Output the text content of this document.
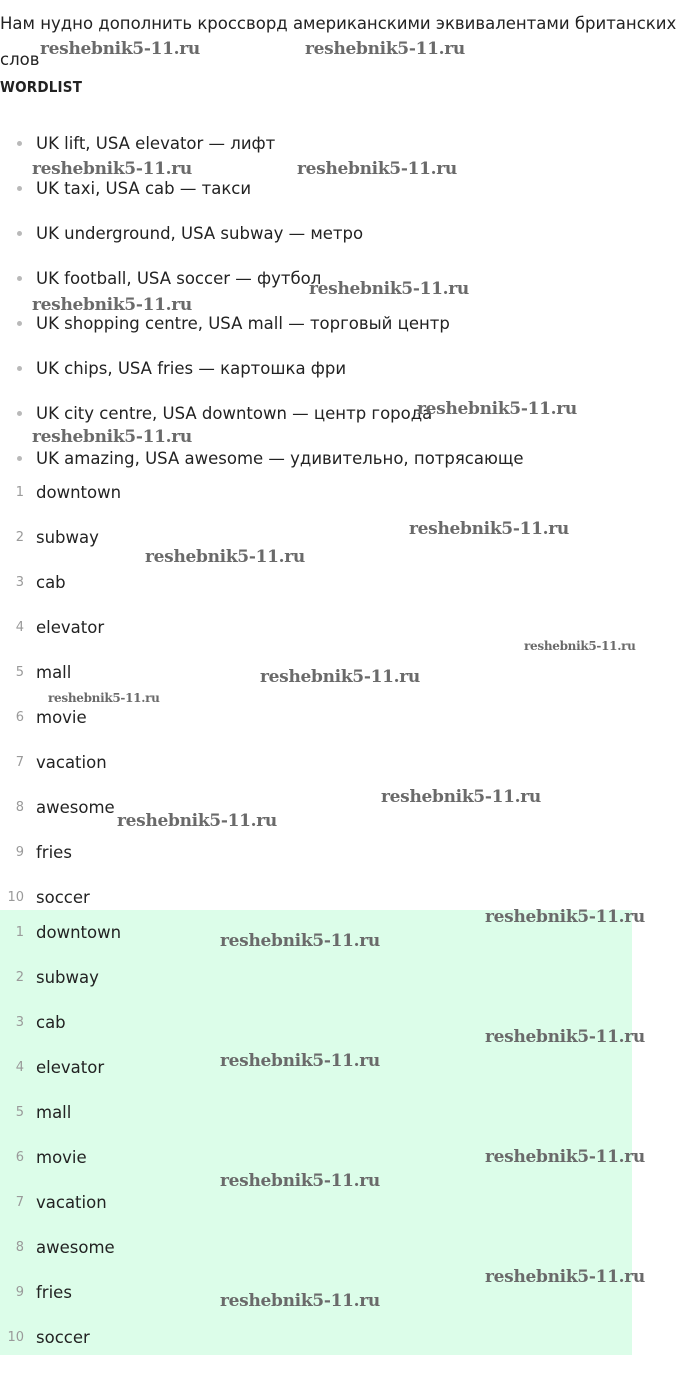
Нам нудно дополнить кроссворд американскими эквивалентами британских слов

WORDLIST
UK lift, USA elevator — лифт
UK taxi, USA cab — такси
UK underground, USA subway — метро
UK football, USA soccer — футбол
UK shopping centre, USA mall — торговый центр
UK chips, USA fries — картошка фри
UK city centre, USA downtown — центр города
UK amazing, USA awesome — удивительно, потрясающе
1 downtown
2 subway
3 cab
4 elevator
5 mall
6 movie
7 vacation
8 awesome
9 fries
10 soccer
1 downtown
2 subway
3 cab
4 elevator
5 mall
6 movie
7 vacation
8 awesome
9 fries
10 soccer
reshebnik5-11.ru	reshebnik5-11.ru
reshebnik5-11.ru	reshebnik5-11.ru
reshebnik5-11.ru
reshebnik5-11.ru
reshebnik5-11.ru
reshebnik5-11.ru
reshebnik5-11.ru
reshebnik5-11.ru
reshebnik5-11.ru
reshebnik5-11.ru
reshebnik5-11.ru
reshebnik5-11.ru
reshebnik5-11.ru
reshebnik5-11.ru
reshebnik5-11.ru
reshebnik5-11.ru
reshebnik5-11.ru
reshebnik5-11.ru
reshebnik5-11.ru
reshebnik5-11.ru
reshebnik5-11.ru
